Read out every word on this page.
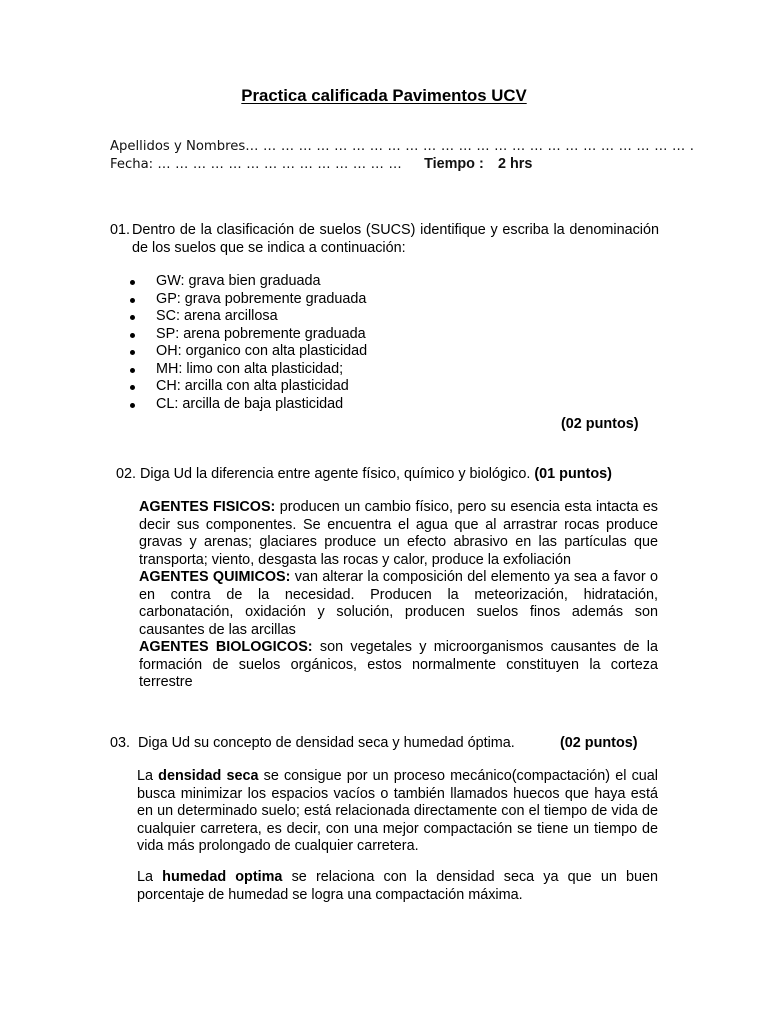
Practica calificada Pavimentos UCV
Apellidos y Nombres… … … … … … … … … … … … … … … … … … … … … … … … … .
Fecha: … … … … … … … … … … … … … … Tiempo : 2 hrs
01. Dentro de la clasificación de suelos (SUCS) identifique y escriba la denominación de los suelos que se indica a continuación:
GW: grava bien graduada
GP: grava pobremente graduada
SC: arena arcillosa
SP: arena pobremente graduada
OH: organico con alta plasticidad
MH: limo con alta plasticidad;
CH: arcilla con alta plasticidad
CL: arcilla de baja plasticidad
(02 puntos)
02. Diga Ud la diferencia entre agente físico, químico y biológico. (01 puntos)
AGENTES FISICOS: producen un cambio físico, pero su esencia esta intacta es decir sus componentes. Se encuentra el agua que al arrastrar rocas produce gravas y arenas; glaciares produce un efecto abrasivo en las partículas que transporta; viento, desgasta las rocas y calor, produce la exfoliación
AGENTES QUIMICOS: van alterar la composición del elemento ya sea a favor o en contra de la necesidad. Producen la meteorización, hidratación, carbonatación, oxidación y solución, producen suelos finos además son causantes de las arcillas
AGENTES BIOLOGICOS: son vegetales y microorganismos causantes de la formación de suelos orgánicos, estos normalmente constituyen la corteza terrestre
03. Diga Ud su concepto de densidad seca y humedad óptima.	(02 puntos)
La densidad seca se consigue por un proceso mecánico(compactación) el cual busca minimizar los espacios vacíos o también llamados huecos que haya está en un determinado suelo; está relacionada directamente con el tiempo de vida de cualquier carretera, es decir, con una mejor compactación se tiene un tiempo de vida más prolongado de cualquier carretera.
La humedad optima se relaciona con la densidad seca ya que un buen porcentaje de humedad se logra una compactación máxima.
